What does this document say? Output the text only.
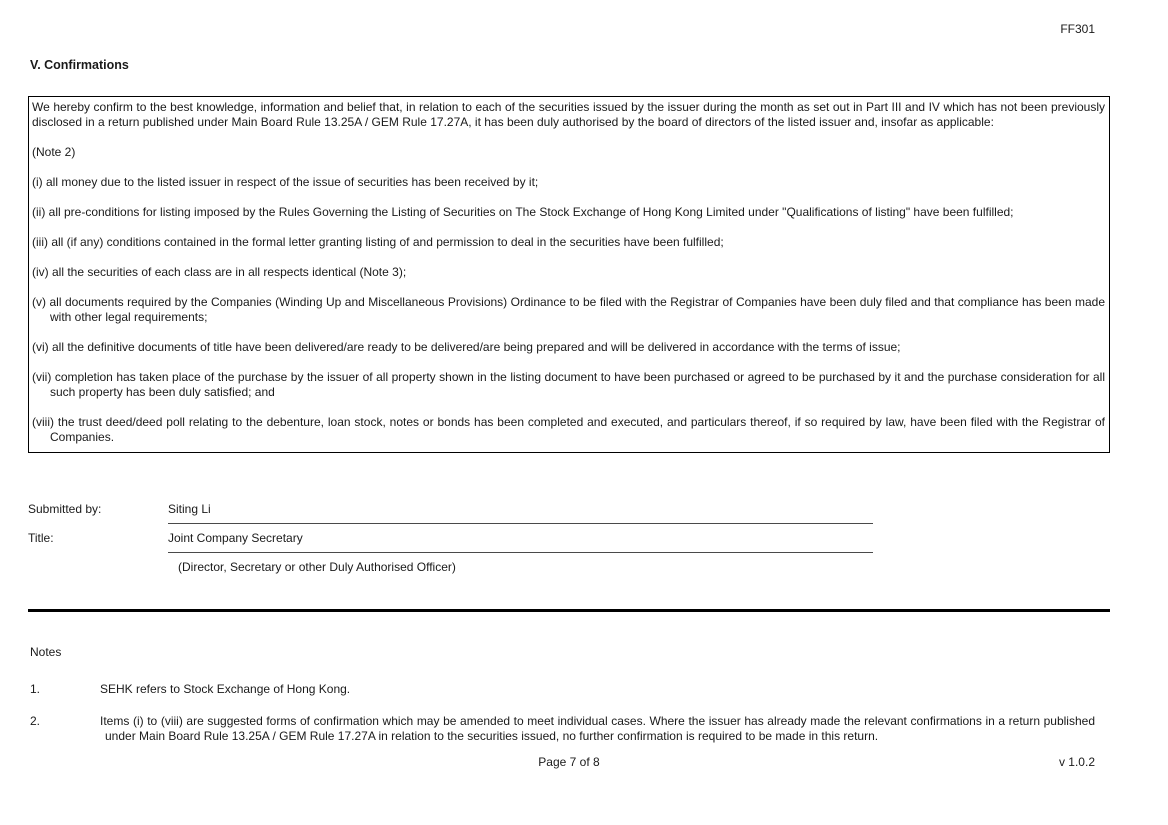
FF301
V. Confirmations

We hereby confirm to the best knowledge, information and belief that, in relation to each of the securities issued by the issuer during the month as set out in Part III and IV which has not been previously disclosed in a return published under Main Board Rule 13.25A / GEM Rule 17.27A, it has been duly authorised by the board of directors of the listed issuer and, insofar as applicable:

(Note 2)

(i) all money due to the listed issuer in respect of the issue of securities has been received by it;

(ii) all pre-conditions for listing imposed by the Rules Governing the Listing of Securities on The Stock Exchange of Hong Kong Limited under "Qualifications of listing" have been fulfilled;

(iii) all (if any) conditions contained in the formal letter granting listing of and permission to deal in the securities have been fulfilled;

(iv) all the securities of each class are in all respects identical (Note 3);

(v) all documents required by the Companies (Winding Up and Miscellaneous Provisions) Ordinance to be filed with the Registrar of Companies have been duly filed and that compliance has been made with other legal requirements;

(vi) all the definitive documents of title have been delivered/are ready to be delivered/are being prepared and will be delivered in accordance with the terms of issue;

(vii) completion has taken place of the purchase by the issuer of all property shown in the listing document to have been purchased or agreed to be purchased by it and the purchase consideration for all such property has been duly satisfied; and

(viii) the trust deed/deed poll relating to the debenture, loan stock, notes or bonds has been completed and executed, and particulars thereof, if so required by law, have been filed with the Registrar of Companies.

Submitted by:	Siting Li
Title:	Joint Company Secretary
(Director, Secretary or other Duly Authorised Officer)
Notes
1.	SEHK refers to Stock Exchange of Hong Kong.
2.	Items (i) to (viii) are suggested forms of confirmation which may be amended to meet individual cases. Where the issuer has already made the relevant confirmations in a return published under Main Board Rule 13.25A / GEM Rule 17.27A in relation to the securities issued, no further confirmation is required to be made in this return.
Page 7 of 8	v 1.0.2
